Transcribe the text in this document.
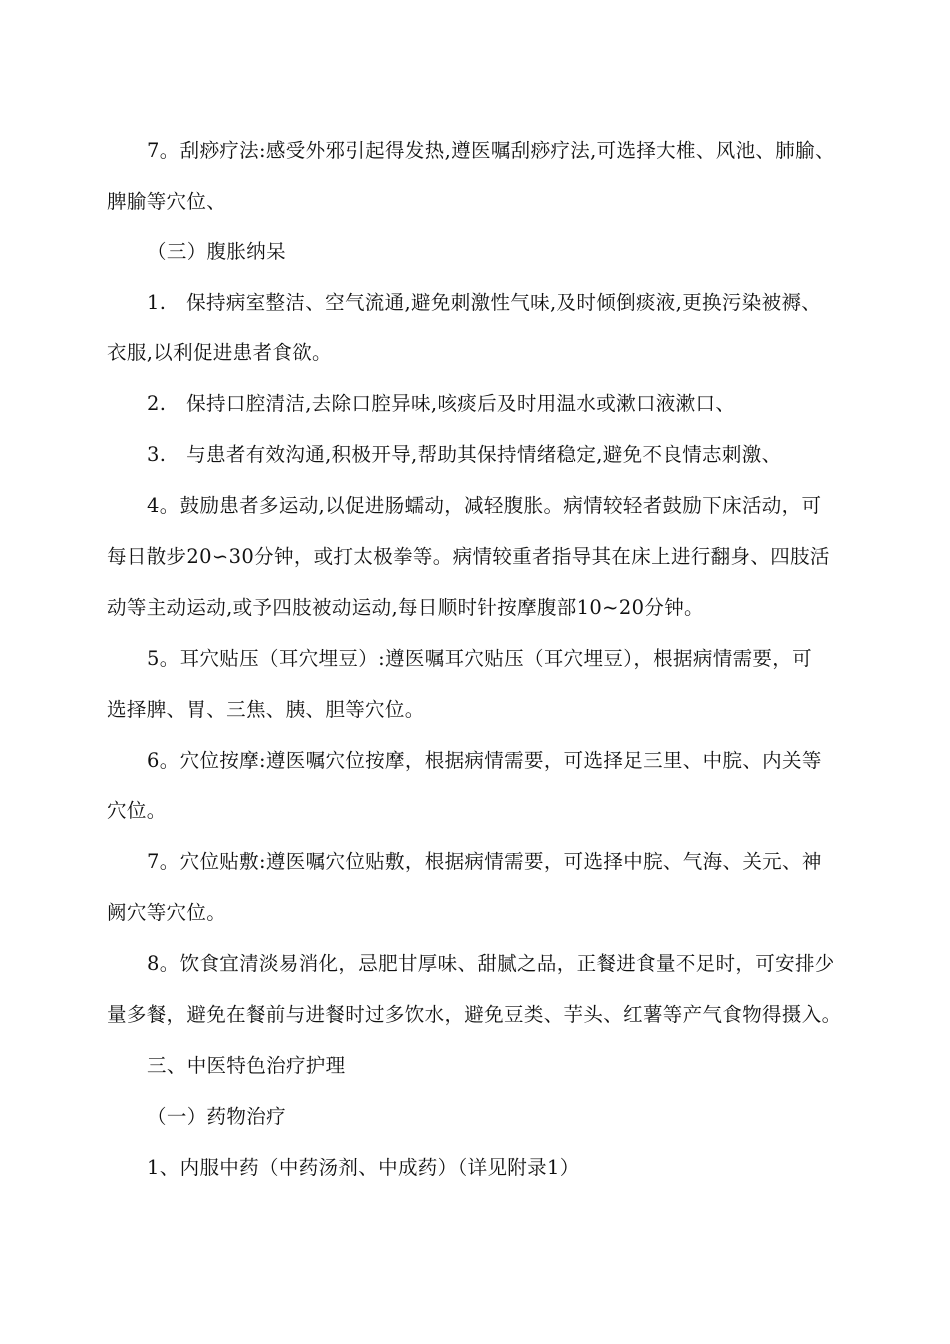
7。刮痧疗法:感受外邪引起得发热,遵医嘱刮痧疗法,可选择大椎、风池、肺腧、
脾腧等穴位、
（三）腹胀纳呆
1.　保持病室整洁、空气流通,避免刺激性气味,及时倾倒痰液,更换污染被褥、
衣服,以利促进患者食欲。
2.　保持口腔清洁,去除口腔异味,咳痰后及时用温水或漱口液漱口、
3.　与患者有效沟通,积极开导,帮助其保持情绪稳定,避免不良情志刺激、
4。鼓励患者多运动,以促进肠蠕动，减轻腹胀。病情较轻者鼓励下床活动，可
每日散步20∽30分钟，或打太极拳等。病情较重者指导其在床上进行翻身、四肢活
动等主动运动,或予四肢被动运动,每日顺时针按摩腹部10~20分钟。
5。耳穴贴压（耳穴埋豆）:遵医嘱耳穴贴压（耳穴埋豆），根据病情需要，可
选择脾、胃、三焦、胰、胆等穴位。
6。穴位按摩:遵医嘱穴位按摩，根据病情需要，可选择足三里、中脘、内关等
穴位。
7。穴位贴敷:遵医嘱穴位贴敷，根据病情需要，可选择中脘、气海、关元、神
阙穴等穴位。
8。饮食宜清淡易消化，忌肥甘厚味、甜腻之品，正餐进食量不足时，可安排少
量多餐，避免在餐前与进餐时过多饮水，避免豆类、芋头、红薯等产气食物得摄入。
三、中医特色治疗护理
（一）药物治疗
1、内服中药（中药汤剂、中成药）（详见附录1）
